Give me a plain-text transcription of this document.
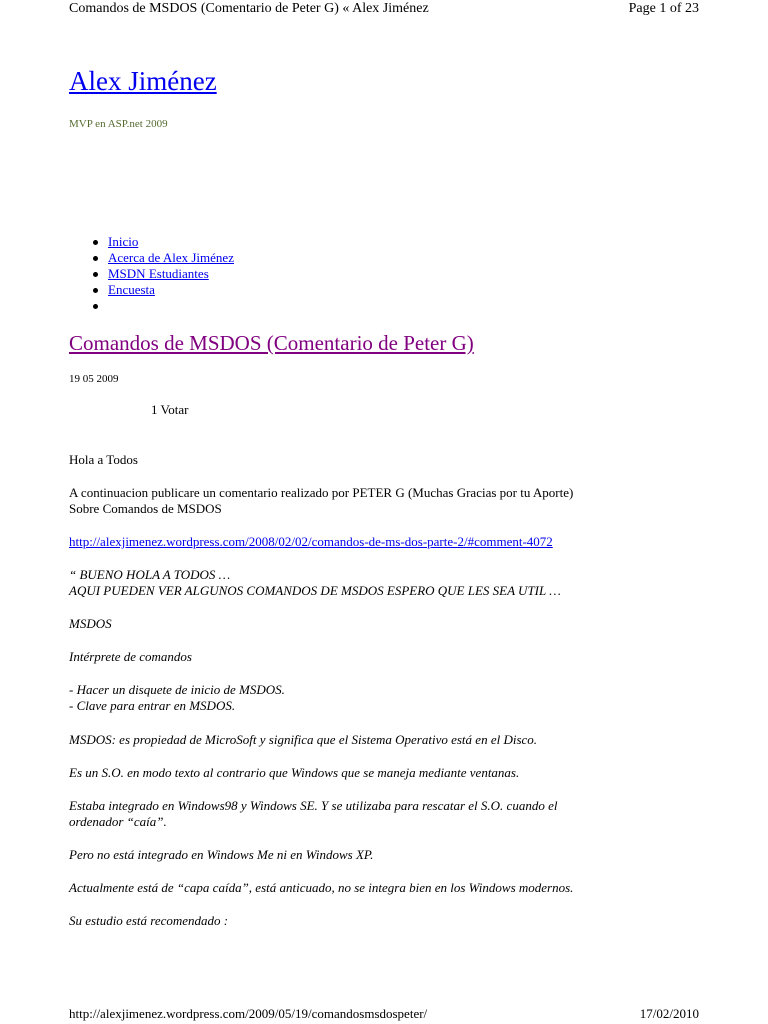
Comandos de MSDOS (Comentario de Peter G) « Alex Jiménez	Page 1 of 23
Alex Jiménez
MVP en ASP.net 2009
Inicio
Acerca de Alex Jiménez
MSDN Estudiantes
Encuesta
Comandos de MSDOS (Comentario de Peter G)
19 05 2009
1 Votar
Hola a Todos
A continuacion publicare un comentario realizado por PETER G (Muchas Gracias por tu Aporte)
Sobre Comandos de MSDOS
http://alexjimenez.wordpress.com/2008/02/02/comandos-de-ms-dos-parte-2/#comment-4072
“ BUENO HOLA A TODOS …
AQUI PUEDEN VER ALGUNOS COMANDOS DE MSDOS ESPERO QUE LES SEA UTIL …
MSDOS
Intérprete de comandos
- Hacer un disquete de inicio de MSDOS.
- Clave para entrar en MSDOS.
MSDOS: es propiedad de MicroSoft y significa que el Sistema Operativo está en el Disco.
Es un S.O. en modo texto al contrario que Windows que se maneja mediante ventanas.
Estaba integrado en Windows98 y Windows SE. Y se utilizaba para rescatar el S.O. cuando el
ordenador “caía”.
Pero no está integrado en Windows Me ni en Windows XP.
Actualmente está de “capa caída”, está anticuado, no se integra bien en los Windows modernos.
Su estudio está recomendado :
http://alexjimenez.wordpress.com/2009/05/19/comandosmsdospeter/	17/02/2010
